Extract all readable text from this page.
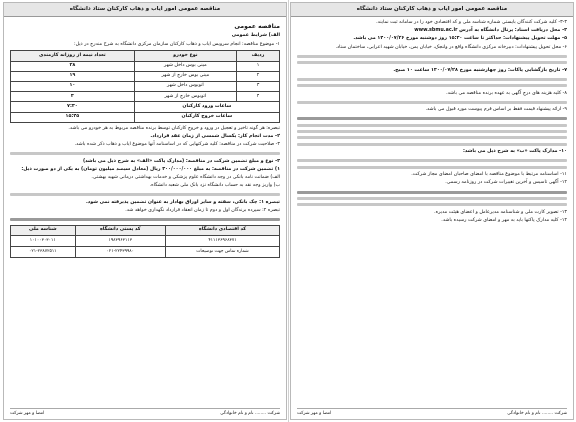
مناقصه عمومی امور ایاب و ذهاب کارکنان ستاد دانشگاه

۳-۳- کلیه شرکت کنندگان بایستی شماره شناسه ملی و کد اقتصادی خود را در سامانه ثبت نمایند.

۴- محل دریافت اسناد: پرتال دانشگاه به آدرس www.sbmu.ac.ir

۵- مهلت تحویل پیشنهادات: حداکثر تا ساعت ۱۵:۳۰ روز دوشنبه مورخ ۱۴۰۰/۰۷/۲۶ می باشد.

۶- محل تحویل پیشنهادات: دبیرخانه مرکزی دانشگاه واقع در ولنجک، خیابان یمن، خیابان شهید اعرابی، ساختمان ستاد.

۷- تاریخ بازگشایی پاکات: روز چهارشنبه مورخ ۱۴۰۰/۰۷/۲۸ ساعت ۱۰ صبح.

۸- کلیه هزینه های درج آگهی به عهده برنده مناقصه می باشد.

۹- ارائه پیشنهاد قیمت فقط بر اساس فرم پیوست مورد قبول می باشد.

۱۰- مدارک پاکت «ب» به شرح ذیل می باشد:

۱۱- اساسنامه مرتبط با موضوع مناقصه با امضای صاحبان امضای مجاز شرکت.

۱۲- آگهی تاسیس و آخرین تغییرات شرکت در روزنامه رسمی.

۱۳- تصویر کارت ملی و شناسنامه مدیرعامل و اعضای هیئت مدیره.

۱۴- کلیه مدارک پاکتها باید به مهر و امضای شرکت رسیده باشد.

شرکت ........ نام و نام خانوادگی
امضا و مهر شرکت
مناقصه عمومی امور ایاب و ذهاب کارکنان ستاد دانشگاه
مناقصه عمومی

الف) شرایط عمومی

۱- موضوع مناقصه: انجام سرویس ایاب و ذهاب کارکنان سازمان مرکزی دانشگاه به شرح مندرج در ذیل:

ردیف	نوع خودرو	تعداد نیمه از روزانه کارمندی
۱	مینی بوس داخل شهر	۲۸
۲	مینی بوس خارج از شهر	۱۹
۳	اتوبوس داخل شهر	۱۰
۴	اتوبوس خارج از شهر	۴
ساعات ورود کارکنان		۷:۳۰
ساعات خروج کارکنان		۱۵:۴۵

تبصره: هر گونه تاخیر و تعجیل در ورود و خروج کارکنان توسط برنده مناقصه مربوط به هر خودرو می باشد.

۲- مدت انجام کار: یکسال شمسی از زمان عقد قرارداد.

۳- صلاحیت شرکت در مناقصه: کلیه شرکتهایی که در اساسنامه آنها موضوع ایاب و ذهاب ذکر شده باشد.

۴- نوع و مبلغ تضمین شرکت در مناقصه: (مدارک پاکت «الف» به شرح ذیل می باشد)

۱) تضمین شرکت در مناقصه: به مبلغ ۳۰۰/۰۰۰/۰۰۰ ریال (معادل سیصد میلیون تومان) به یکی از دو صورت ذیل:

الف) ضمانت نامه بانکی در وجه دانشگاه علوم پزشکی و خدمات بهداشتی درمانی شهید بهشتی.

ب) واریز وجه نقد به حساب دانشگاه نزد بانک ملی شعبه دانشگاه.

تبصره ۱: چک بانکی، سفته و سایر اوراق بهادار به عنوان تضمین پذیرفته نمی شود.

تبصره ۲: سپرده برندگان اول و دوم تا زمان انعقاد قرارداد نگهداری خواهد شد.

کد اقتصادی دانشگاه	کد پستی دانشگاه	شناسه ملی
۴۱۱۱۳۶۹۶۸۳۷۱	۱۹۸۳۹۶۳۱۱۳	۱۰۱۰۰۳۰۳۰۱۱
شماره تماس جهت توضیحات	۰۲۱-۲۲۴۳۹۹۸۰	۰۲۱-۲۳۸۷۲۵۱۱
شرکت ........ نام و نام خانوادگی
امضا و مهر شرکت
